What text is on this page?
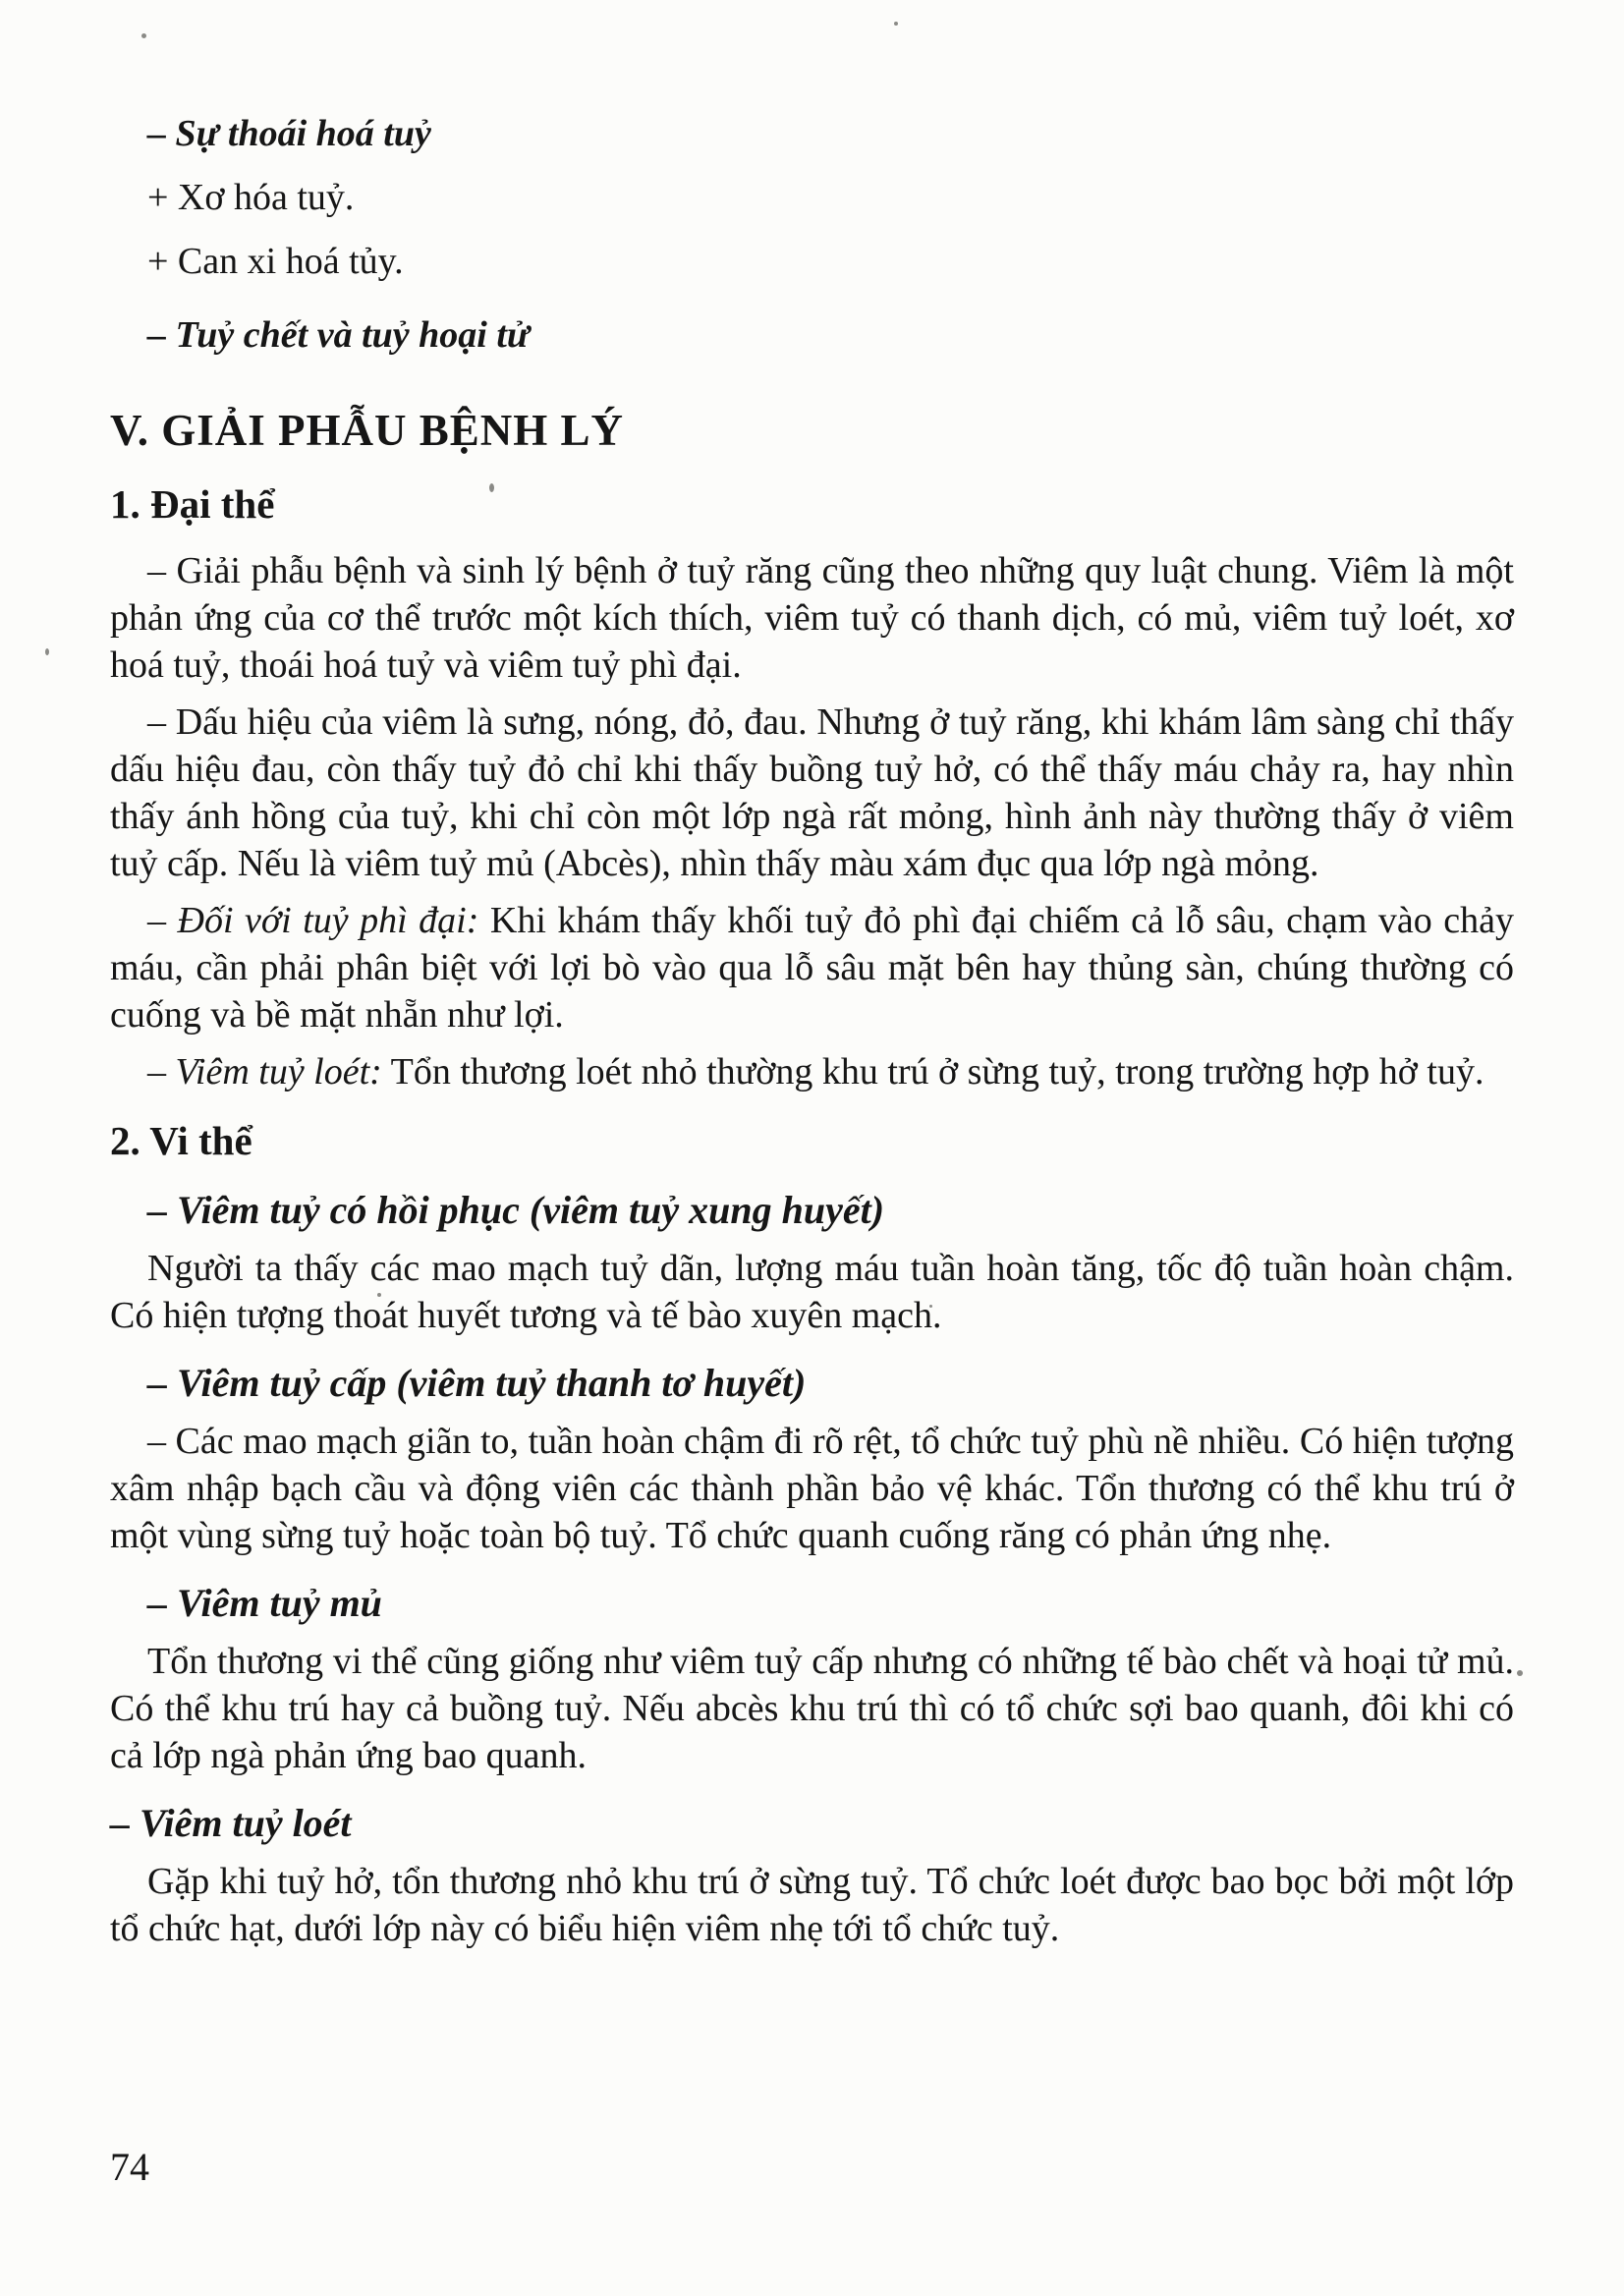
– Sự thoái hoá tuỷ
+ Xơ hóa tuỷ.
+ Can xi hoá tủy.
– Tuỷ chết và tuỷ hoại tử
V. GIẢI PHẪU BỆNH LÝ
1. Đại thể

– Giải phẫu bệnh và sinh lý bệnh ở tuỷ răng cũng theo những quy luật chung. Viêm là một phản ứng của cơ thể trước một kích thích, viêm tuỷ có thanh dịch, có mủ, viêm tuỷ loét, xơ hoá tuỷ, thoái hoá tuỷ và viêm tuỷ phì đại.

– Dấu hiệu của viêm là sưng, nóng, đỏ, đau. Nhưng ở tuỷ răng, khi khám lâm sàng chỉ thấy dấu hiệu đau, còn thấy tuỷ đỏ chỉ khi thấy buồng tuỷ hở, có thể thấy máu chảy ra, hay nhìn thấy ánh hồng của tuỷ, khi chỉ còn một lớp ngà rất mỏng, hình ảnh này thường thấy ở viêm tuỷ cấp. Nếu là viêm tuỷ mủ (Abcès), nhìn thấy màu xám đục qua lớp ngà mỏng.

– Đối với tuỷ phì đại: Khi khám thấy khối tuỷ đỏ phì đại chiếm cả lỗ sâu, chạm vào chảy máu, cần phải phân biệt với lợi bò vào qua lỗ sâu mặt bên hay thủng sàn, chúng thường có cuống và bề mặt nhẵn như lợi.

– Viêm tuỷ loét: Tổn thương loét nhỏ thường khu trú ở sừng tuỷ, trong trường hợp hở tuỷ.

2. Vi thể
– Viêm tuỷ có hồi phục (viêm tuỷ xung huyết)

Người ta thấy các mao mạch tuỷ dãn, lượng máu tuần hoàn tăng, tốc độ tuần hoàn chậm. Có hiện tượng thoát huyết tương và tế bào xuyên mạch.

– Viêm tuỷ cấp (viêm tuỷ thanh tơ huyết)

– Các mao mạch giãn to, tuần hoàn chậm đi rõ rệt, tổ chức tuỷ phù nề nhiều. Có hiện tượng xâm nhập bạch cầu và động viên các thành phần bảo vệ khác. Tổn thương có thể khu trú ở một vùng sừng tuỷ hoặc toàn bộ tuỷ. Tổ chức quanh cuống răng có phản ứng nhẹ.

– Viêm tuỷ mủ

Tổn thương vi thể cũng giống như viêm tuỷ cấp nhưng có những tế bào chết và hoại tử mủ. Có thể khu trú hay cả buồng tuỷ. Nếu abcès khu trú thì có tổ chức sợi bao quanh, đôi khi có cả lớp ngà phản ứng bao quanh.

– Viêm tuỷ loét

Gặp khi tuỷ hở, tổn thương nhỏ khu trú ở sừng tuỷ. Tổ chức loét được bao bọc bởi một lớp tổ chức hạt, dưới lớp này có biểu hiện viêm nhẹ tới tổ chức tuỷ.

74
